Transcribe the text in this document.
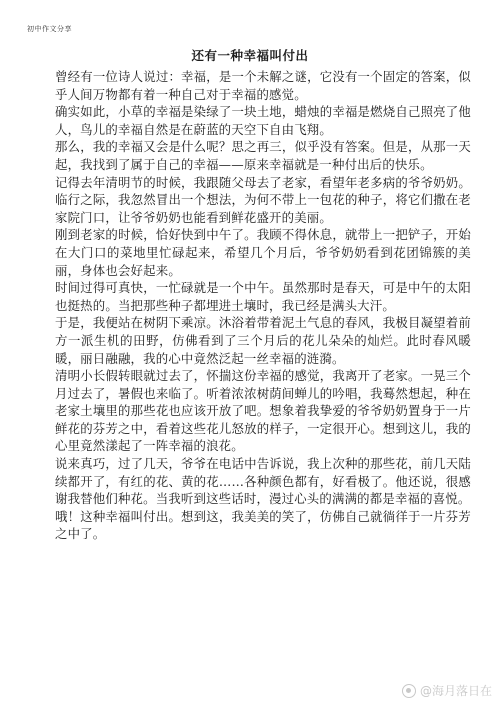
初中作文分享
还有一种幸福叫付出

曾经有一位诗人说过：幸福，是一个未解之谜，它没有一个固定的答案，似乎人间万物都有着一种自己对于幸福的感觉。

确实如此，小草的幸福是染绿了一块土地，蜡烛的幸福是燃烧自己照亮了他人，鸟儿的幸福自然是在蔚蓝的天空下自由飞翔。

那么，我的幸福又会是什么呢？思之再三，似乎没有答案。但是，从那一天起，我找到了属于自己的幸福——原来幸福就是一种付出后的快乐。

记得去年清明节的时候，我跟随父母去了老家，看望年老多病的爷爷奶奶。临行之际，我忽然冒出一个想法，为何不带上一包花的种子，将它们撒在老家院门口，让爷爷奶奶也能看到鲜花盛开的美丽。

刚到老家的时候，恰好快到中午了。我顾不得休息，就带上一把铲子，开始在大门口的菜地里忙碌起来，希望几个月后，爷爷奶奶看到花团锦簇的美丽，身体也会好起来。

时间过得可真快，一忙碌就是一个中午。虽然那时是春天，可是中午的太阳也挺热的。当把那些种子都埋进土壤时，我已经是满头大汗。

于是，我便站在树阴下乘凉。沐浴着带着泥土气息的春风，我极目凝望着前方一派生机的田野，仿佛看到了三个月后的花儿朵朵的灿烂。此时春风暖暖，丽日融融，我的心中竟然泛起一丝幸福的涟漪。

清明小长假转眼就过去了，怀揣这份幸福的感觉，我离开了老家。一晃三个月过去了，暑假也来临了。听着浓浓树荫间蝉儿的吟唱，我蓦然想起，种在老家土壤里的那些花也应该开放了吧。想象着我挚爱的爷爷奶奶置身于一片鲜花的芬芳之中，看着这些花儿怒放的样子，一定很开心。想到这儿，我的心里竟然漾起了一阵幸福的浪花。

说来真巧，过了几天，爷爷在电话中告诉说，我上次种的那些花，前几天陆续都开了，有红的花、黄的花……各种颜色都有，好看极了。他还说，很感谢我替他们种花。当我听到这些话时，漫过心头的满满的都是幸福的喜悦。

哦！这种幸福叫付出。想到这，我美美的笑了，仿佛自己就徜徉于一片芬芳之中了。

@海月落日在
